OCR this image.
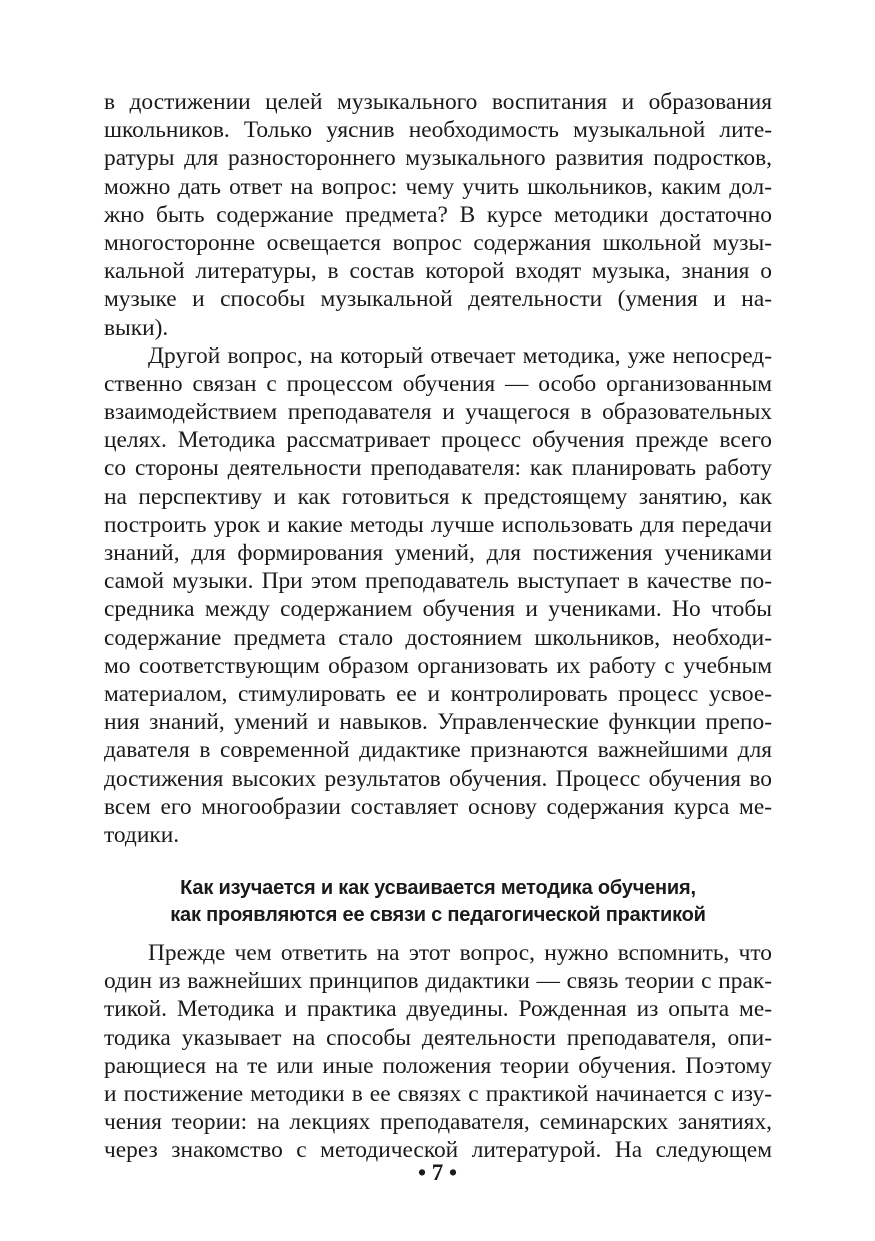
в достижении целей музыкального воспитания и образования
школьников. Только уяснив необходимость музыкальной лите-
ратуры для разностороннего музыкального развития подростков,
можно дать ответ на вопрос: чему учить школьников, каким дол-
жно быть содержание предмета? В курсе методики достаточно
многосторонне освещается вопрос содержания школьной музы-
кальной литературы, в состав которой входят музыка, знания о
музыке и способы музыкальной деятельности (умения и на-
выки).
Другой вопрос, на который отвечает методика, уже непосред-
ственно связан с процессом обучения — особо организованным
взаимодействием преподавателя и учащегося в образовательных
целях. Методика рассматривает процесс обучения прежде всего
со стороны деятельности преподавателя: как планировать работу
на перспективу и как готовиться к предстоящему занятию, как
построить урок и какие методы лучше использовать для передачи
знаний, для формирования умений, для постижения учениками
самой музыки. При этом преподаватель выступает в качестве по-
средника между содержанием обучения и учениками. Но чтобы
содержание предмета стало достоянием школьников, необходи-
мо соответствующим образом организовать их работу с учебным
материалом, стимулировать ее и контролировать процесс усвое-
ния знаний, умений и навыков. Управленческие функции препо-
давателя в современной дидактике признаются важнейшими для
достижения высоких результатов обучения. Процесс обучения во
всем его многообразии составляет основу содержания курса ме-
тодики.
Как изучается и как усваивается методика обучения,
как проявляются ее связи с педагогической практикой
Прежде чем ответить на этот вопрос, нужно вспомнить, что
один из важнейших принципов дидактики — связь теории с прак-
тикой. Методика и практика двуедины. Рожденная из опыта ме-
тодика указывает на способы деятельности преподавателя, опи-
рающиеся на те или иные положения теории обучения. Поэтому
и постижение методики в ее связях с практикой начинается с изу-
чения теории: на лекциях преподавателя, семинарских занятиях,
через знакомство с методической литературой. На следующем
• 7 •
